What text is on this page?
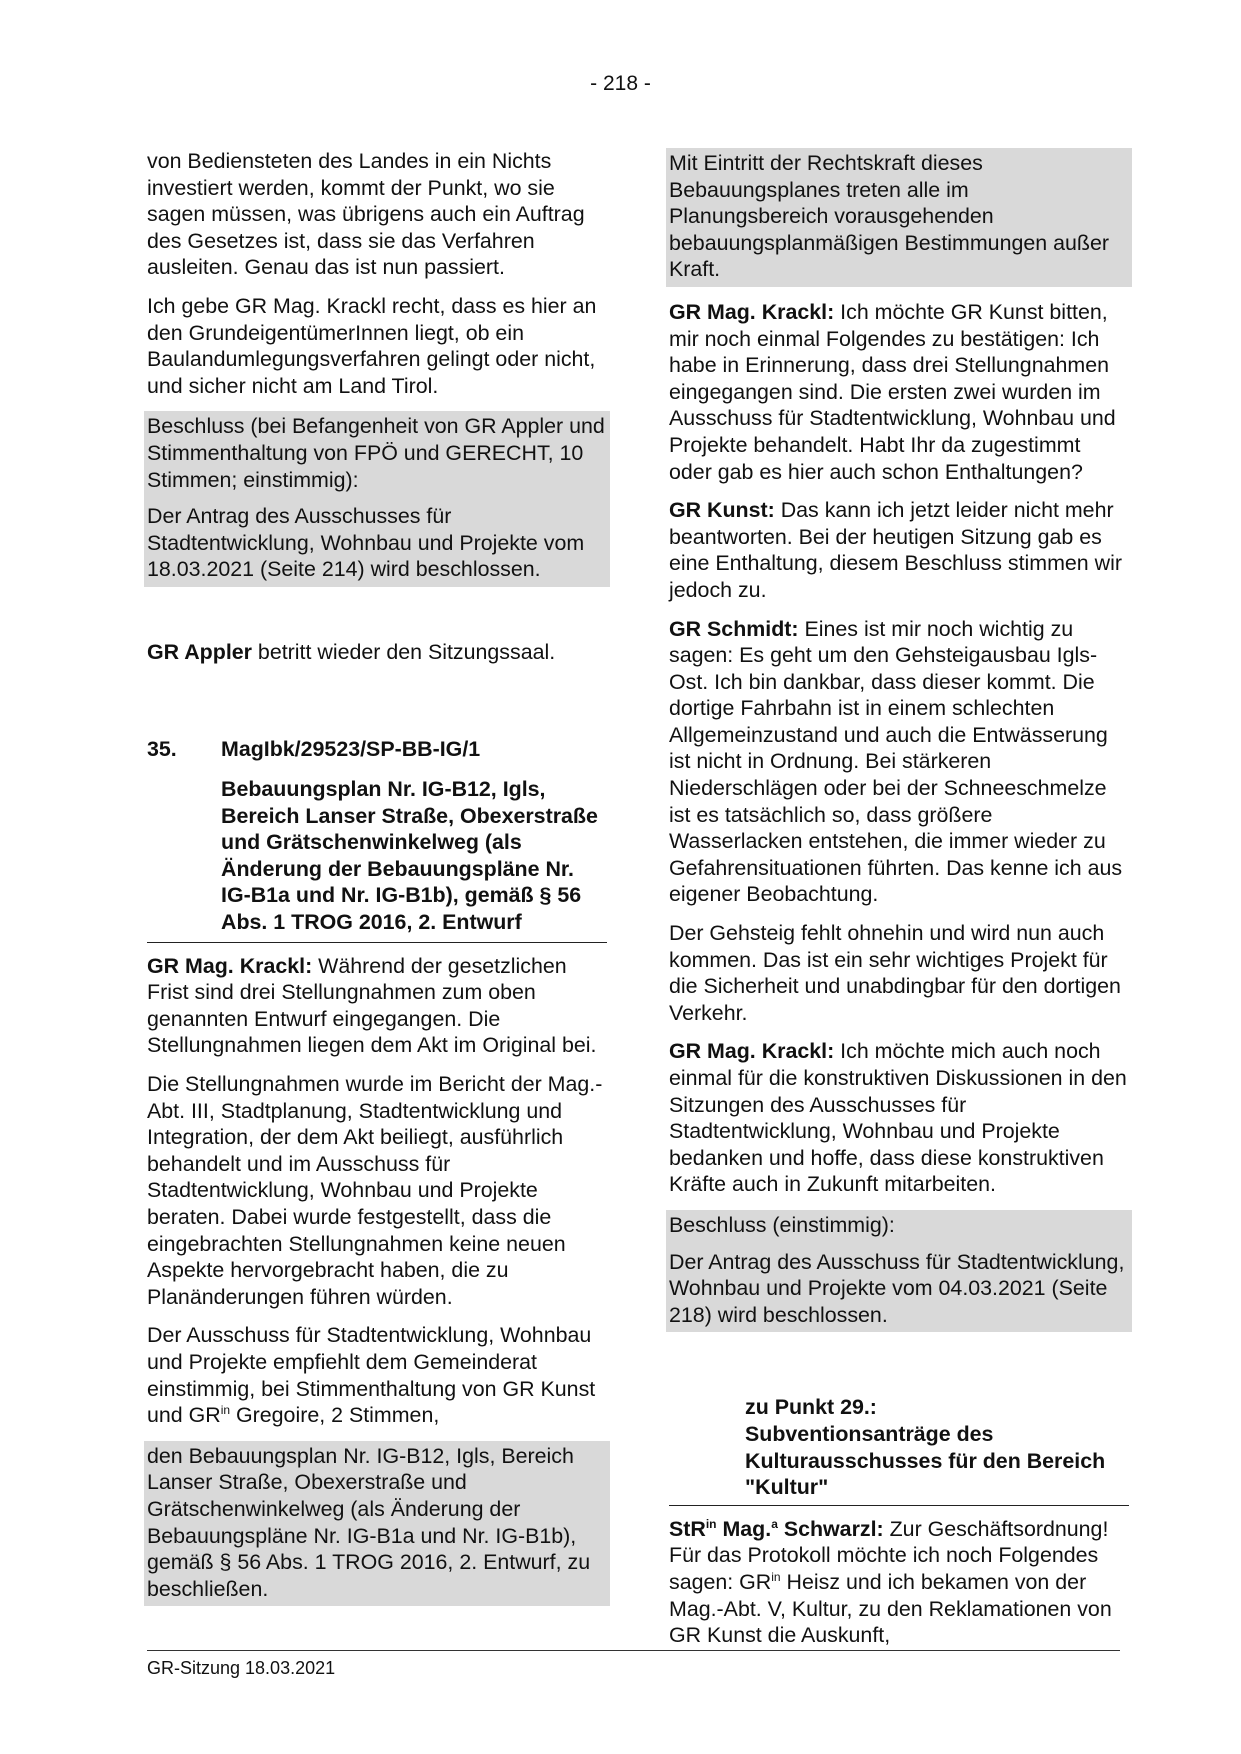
- 218 -

von Bediensteten des Landes in ein Nichts investiert werden, kommt der Punkt, wo sie sagen müssen, was übrigens auch ein Auftrag des Gesetzes ist, dass sie das Verfahren ausleiten. Genau das ist nun passiert.

Ich gebe GR Mag. Krackl recht, dass es hier an den GrundeigentümerInnen liegt, ob ein Baulandumlegungsverfahren gelingt oder nicht, und sicher nicht am Land Tirol.

Beschluss (bei Befangenheit von GR Appler und Stimmenthaltung von FPÖ und GERECHT, 10 Stimmen; einstimmig):

Der Antrag des Ausschusses für Stadtentwicklung, Wohnbau und Projekte vom 18.03.2021 (Seite 214) wird beschlossen.

GR Appler betritt wieder den Sitzungssaal.

35.	MagIbk/29523/SP-BB-IG/1
Bebauungsplan Nr. IG-B12, Igls, Bereich Lanser Straße, Obexerstraße und Grätschenwinkelweg (als Änderung der Bebauungspläne Nr. IG-B1a und Nr. IG-B1b), gemäß § 56 Abs. 1 TROG 2016, 2. Entwurf

GR Mag. Krackl: Während der gesetzlichen Frist sind drei Stellungnahmen zum oben genannten Entwurf eingegangen. Die Stellungnahmen liegen dem Akt im Original bei.

Die Stellungnahmen wurde im Bericht der Mag.-Abt. III, Stadtplanung, Stadtentwicklung und Integration, der dem Akt beiliegt, ausführlich behandelt und im Ausschuss für Stadtentwicklung, Wohnbau und Projekte beraten. Dabei wurde festgestellt, dass die eingebrachten Stellungnahmen keine neuen Aspekte hervorgebracht haben, die zu Planänderungen führen würden.

Der Ausschuss für Stadtentwicklung, Wohnbau und Projekte empfiehlt dem Gemeinderat einstimmig, bei Stimmenthaltung von GR Kunst und $GR^{in}$ Gregoire, 2 Stimmen,

den Bebauungsplan Nr. IG-B12, Igls, Bereich Lanser Straße, Obexerstraße und Grätschenwinkelweg (als Änderung der Bebauungspläne Nr. IG-B1a und Nr. IG-B1b), gemäß § 56 Abs. 1 TROG 2016, 2. Entwurf, zu beschließen.

Mit Eintritt der Rechtskraft dieses Bebauungsplanes treten alle im Planungsbereich vorausgehenden bebauungsplanmäßigen Bestimmungen außer Kraft.

GR Mag. Krackl: Ich möchte GR Kunst bitten, mir noch einmal Folgendes zu bestätigen: Ich habe in Erinnerung, dass drei Stellungnahmen eingegangen sind. Die ersten zwei wurden im Ausschuss für Stadtentwicklung, Wohnbau und Projekte behandelt. Habt Ihr da zugestimmt oder gab es hier auch schon Enthaltungen?

GR Kunst: Das kann ich jetzt leider nicht mehr beantworten. Bei der heutigen Sitzung gab es eine Enthaltung, diesem Beschluss stimmen wir jedoch zu.

GR Schmidt: Eines ist mir noch wichtig zu sagen: Es geht um den Gehsteigausbau Igls-Ost. Ich bin dankbar, dass dieser kommt. Die dortige Fahrbahn ist in einem schlechten Allgemeinzustand und auch die Entwässerung ist nicht in Ordnung. Bei stärkeren Niederschlägen oder bei der Schneeschmelze ist es tatsächlich so, dass größere Wasserlacken entstehen, die immer wieder zu Gefahrensituationen führten. Das kenne ich aus eigener Beobachtung.

Der Gehsteig fehlt ohnehin und wird nun auch kommen. Das ist ein sehr wichtiges Projekt für die Sicherheit und unabdingbar für den dortigen Verkehr.

GR Mag. Krackl: Ich möchte mich auch noch einmal für die konstruktiven Diskussionen in den Sitzungen des Ausschusses für Stadtentwicklung, Wohnbau und Projekte bedanken und hoffe, dass diese konstruktiven Kräfte auch in Zukunft mitarbeiten.

Beschluss (einstimmig):

Der Antrag des Ausschuss für Stadtentwicklung, Wohnbau und Projekte vom 04.03.2021 (Seite 218) wird beschlossen.

zu Punkt 29.:
Subventionsanträge des Kulturausschusses für den Bereich "Kultur"

StR$^{in}$ Mag.$^a$ Schwarzl: Zur Geschäftsordnung! Für das Protokoll möchte ich noch Folgendes sagen: $GR^{in}$ Heisz und ich bekamen von der Mag.-Abt. V, Kultur, zu den Reklamationen von GR Kunst die Auskunft,

GR-Sitzung 18.03.2021
